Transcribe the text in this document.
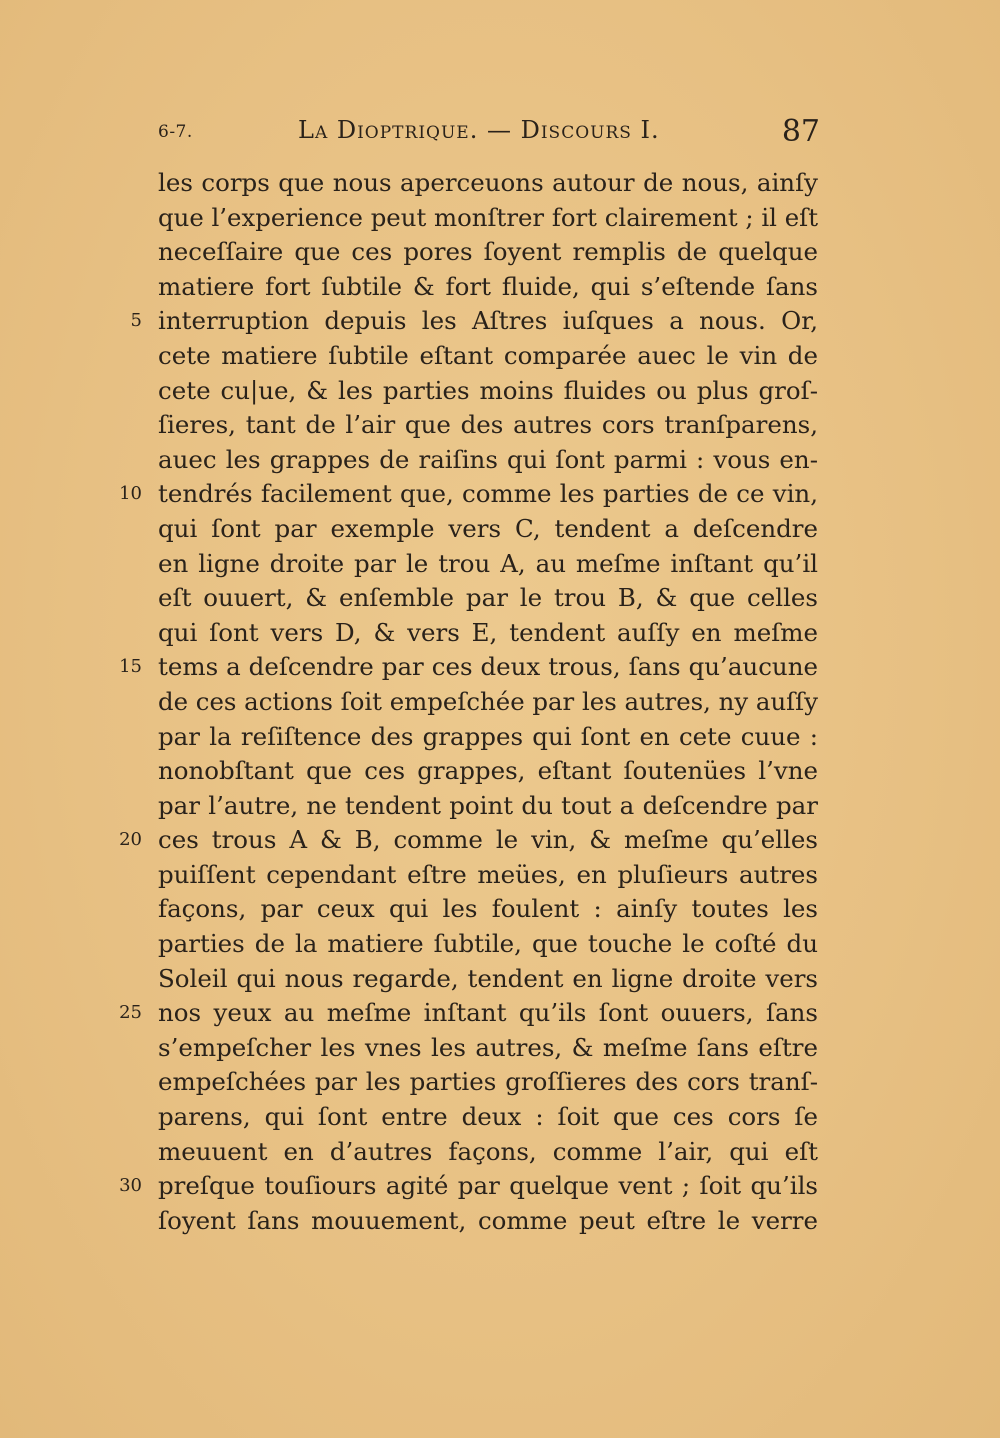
6-7.	La Dioptrique. — Discours I.	87
les corps que nous aperceuons autour de nous, ainſy
que l’experience peut monſtrer fort clairement ; il eſt
neceſſaire que ces pores ſoyent remplis de quelque
matiere fort ſubtile & fort fluide, qui s’eſtende ſans
5 interruption depuis les Aſtres iuſques a nous. Or,
cete matiere ſubtile eſtant comparée auec le vin de
cete cu|ue, & les parties moins fluides ou plus groſ-
ſieres, tant de l’air que des autres cors tranſparens,
auec les grappes de raiſins qui ſont parmi : vous en-
10 tendrés facilement que, comme les parties de ce vin,
qui ſont par exemple vers C, tendent a deſcendre
en ligne droite par le trou A, au meſme inſtant qu’il
eſt ouuert, & enſemble par le trou B, & que celles
qui ſont vers D, & vers E, tendent auſſy en meſme
15 tems a deſcendre par ces deux trous, ſans qu’aucune
de ces actions ſoit empeſchée par les autres, ny auſſy
par la reſiſtence des grappes qui ſont en cete cuue :
nonobſtant que ces grappes, eſtant ſoutenües l’vne
par l’autre, ne tendent point du tout a deſcendre par
20 ces trous A & B, comme le vin, & meſme qu’elles
puiſſent cependant eſtre meües, en pluſieurs autres
façons, par ceux qui les foulent : ainſy toutes les
parties de la matiere ſubtile, que touche le coſté du
Soleil qui nous regarde, tendent en ligne droite vers
25 nos yeux au meſme inſtant qu’ils ſont ouuers, ſans
s’empeſcher les vnes les autres, & meſme ſans eſtre
empeſchées par les parties groſſieres des cors tranſ-
parens, qui ſont entre deux : ſoit que ces cors ſe
meuuent en d’autres façons, comme l’air, qui eſt
30 preſque touſiours agité par quelque vent ; ſoit qu’ils
ſoyent ſans mouuement, comme peut eſtre le verre
